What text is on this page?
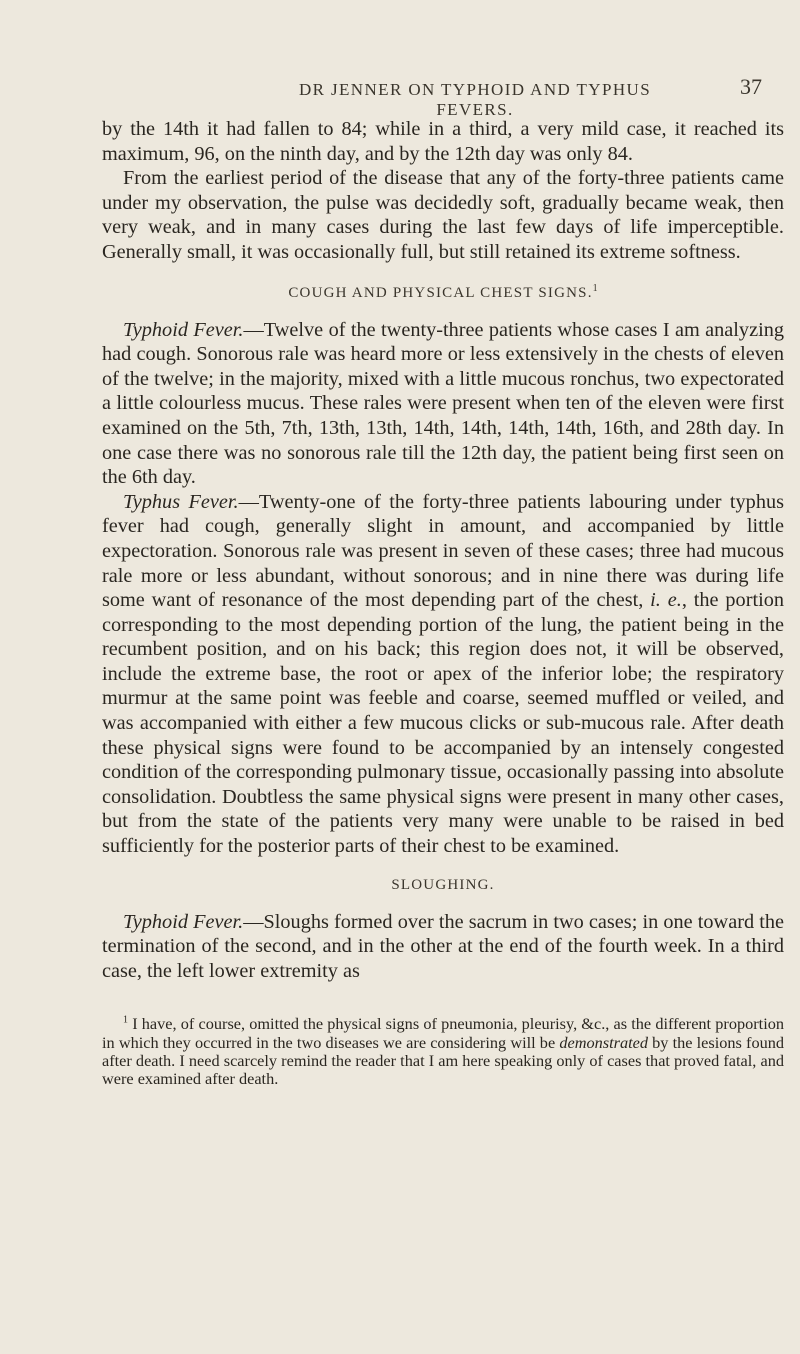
DR JENNER ON TYPHOID AND TYPHUS FEVERS.
37

by the 14th it had fallen to 84; while in a third, a very mild case, it reached its maximum, 96, on the ninth day, and by the 12th day was only 84.

From the earliest period of the disease that any of the forty-three patients came under my observation, the pulse was decidedly soft, gradually became weak, then very weak, and in many cases during the last few days of life imperceptible. Generally small, it was occasionally full, but still retained its extreme softness.

COUGH AND PHYSICAL CHEST SIGNS.$^1$

Typhoid Fever.—Twelve of the twenty-three patients whose cases I am analyzing had cough. Sonorous rale was heard more or less extensively in the chests of eleven of the twelve; in the majority, mixed with a little mucous ronchus, two expectorated a little colourless mucus. These rales were present when ten of the eleven were first examined on the 5th, 7th, 13th, 13th, 14th, 14th, 14th, 14th, 16th, and 28th day. In one case there was no sonorous rale till the 12th day, the patient being first seen on the 6th day.

Typhus Fever.—Twenty-one of the forty-three patients labouring under typhus fever had cough, generally slight in amount, and accompanied by little expectoration. Sonorous rale was present in seven of these cases; three had mucous rale more or less abundant, without sonorous; and in nine there was during life some want of resonance of the most depending part of the chest, i. e., the portion corresponding to the most depending portion of the lung, the patient being in the recumbent position, and on his back; this region does not, it will be observed, include the extreme base, the root or apex of the inferior lobe; the respiratory murmur at the same point was feeble and coarse, seemed muffled or veiled, and was accompanied with either a few mucous clicks or sub-mucous rale. After death these physical signs were found to be accompanied by an intensely congested condition of the corresponding pulmonary tissue, occasionally passing into absolute consolidation. Doubtless the same physical signs were present in many other cases, but from the state of the patients very many were unable to be raised in bed sufficiently for the posterior parts of their chest to be examined.

SLOUGHING.

Typhoid Fever.—Sloughs formed over the sacrum in two cases; in one toward the termination of the second, and in the other at the end of the fourth week. In a third case, the left lower extremity as

$^1$ I have, of course, omitted the physical signs of pneumonia, pleurisy, &c., as the different proportion in which they occurred in the two diseases we are considering will be demonstrated by the lesions found after death. I need scarcely remind the reader that I am here speaking only of cases that proved fatal, and were examined after death.
